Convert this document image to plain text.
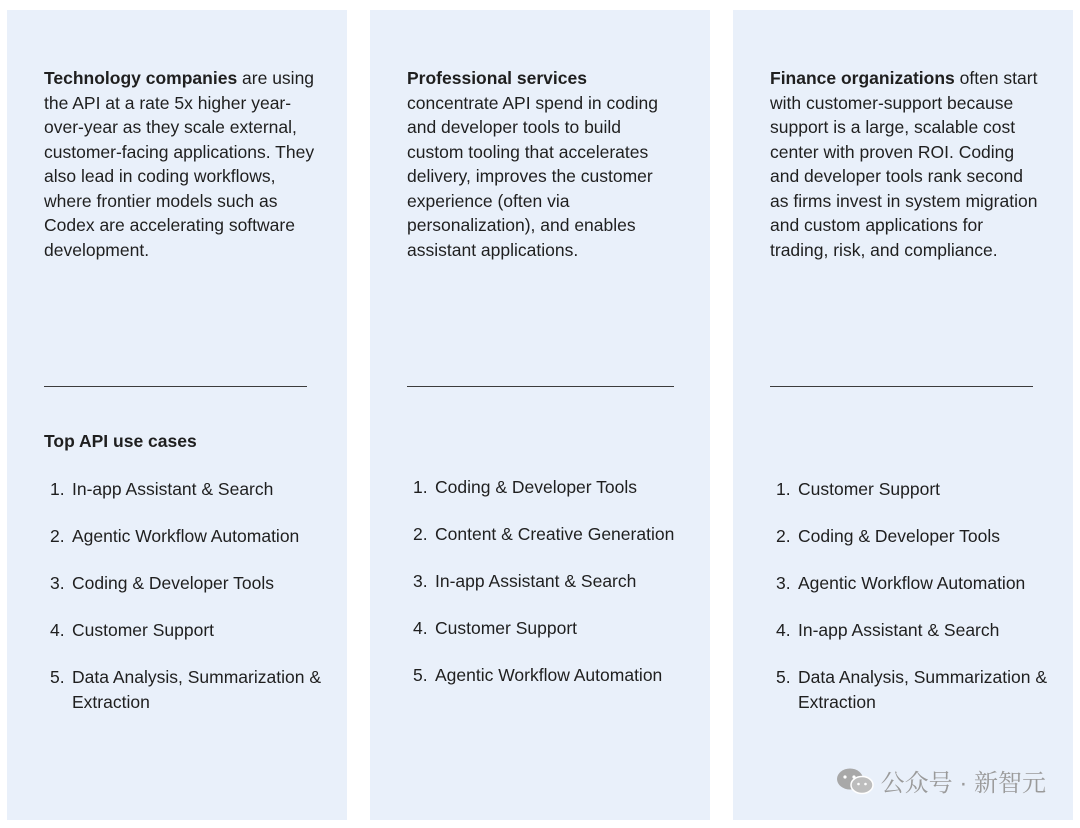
Technology companies are using the API at a rate 5x higher year-over-year as they scale external, customer-facing applications. They also lead in coding workflows, where frontier models such as Codex are accelerating software development.

Top API use cases
1. In-app Assistant & Search
2. Agentic Workflow Automation
3. Coding & Developer Tools
4. Customer Support
5. Data Analysis, Summarization & Extraction

Professional services concentrate API spend in coding and developer tools to build custom tooling that accelerates delivery, improves the customer experience (often via personalization), and enables assistant applications.

1. Coding & Developer Tools
2. Content & Creative Generation
3. In-app Assistant & Search
4. Customer Support
5. Agentic Workflow Automation

Finance organizations often start with customer-support because support is a large, scalable cost center with proven ROI. Coding and developer tools rank second as firms invest in system migration and custom applications for trading, risk, and compliance.

1. Customer Support
2. Coding & Developer Tools
3. Agentic Workflow Automation
4. In-app Assistant & Search
5. Data Analysis, Summarization & Extraction
公众号 · 新智元
